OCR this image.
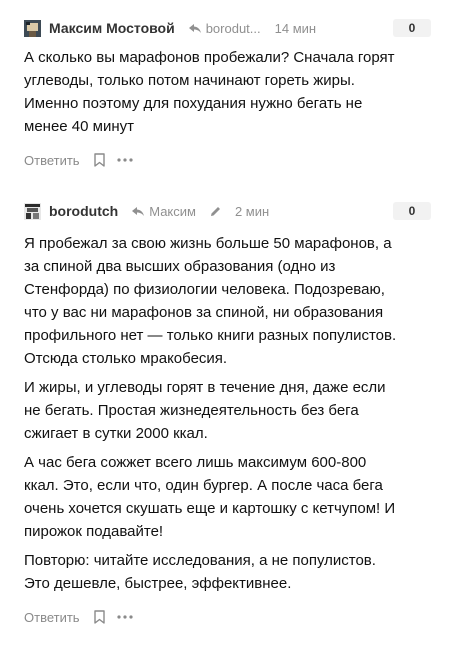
Максим Мостовой borodut... 14 мин	0

А сколько вы марафонов пробежали? Сначала горят углеводы, только потом начинают гореть жиры. Именно поэтому для похудания нужно бегать не менее 40 минут

Ответить
borodutch Максим	2 мин	0

Я пробежал за свою жизнь больше 50 марафонов, а за спиной два высших образования (одно из Стенфорда) по физиологии человека. Подозреваю, что у вас ни марафонов за спиной, ни образования профильного нет — только книги разных популистов. Отсюда столько мракобесия.

И жиры, и углеводы горят в течение дня, даже если не бегать. Простая жизнедеятельность без бега сжигает в сутки 2000 ккал.

А час бега сожжет всего лишь максимум 600-800 ккал. Это, если что, один бургер. А после часа бега очень хочется скушать еще и картошку с кетчупом! И пирожок подавайте!

Повторю: читайте исследования, а не популистов. Это дешевле, быстрее, эффективнее.

Ответить
